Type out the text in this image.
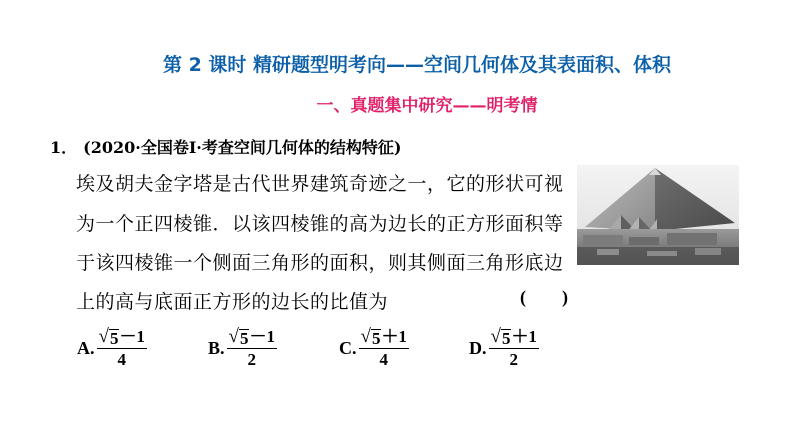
第 2 课时 精研题型明考向——空间几何体及其表面积、体积
一、真题集中研究——明考情
1． (2020·全国卷Ⅰ·考查空间几何体的结构特征)
埃及胡夫金字塔是古代世界建筑奇迹之一，它的形状可视
为一个正四棱锥．以该四棱锥的高为边长的正方形面积等
于该四棱锥一个侧面三角形的面积，则其侧面三角形底边
上的高与底面正方形的边长的比值为	(        )
A. $\frac{√ 5 -1}{4}$	B. $\frac{√ 5 -1}{2}$	C. $\frac{√ 5 +1}{4}$	D. $\frac{√ 5 +1}{2}$
